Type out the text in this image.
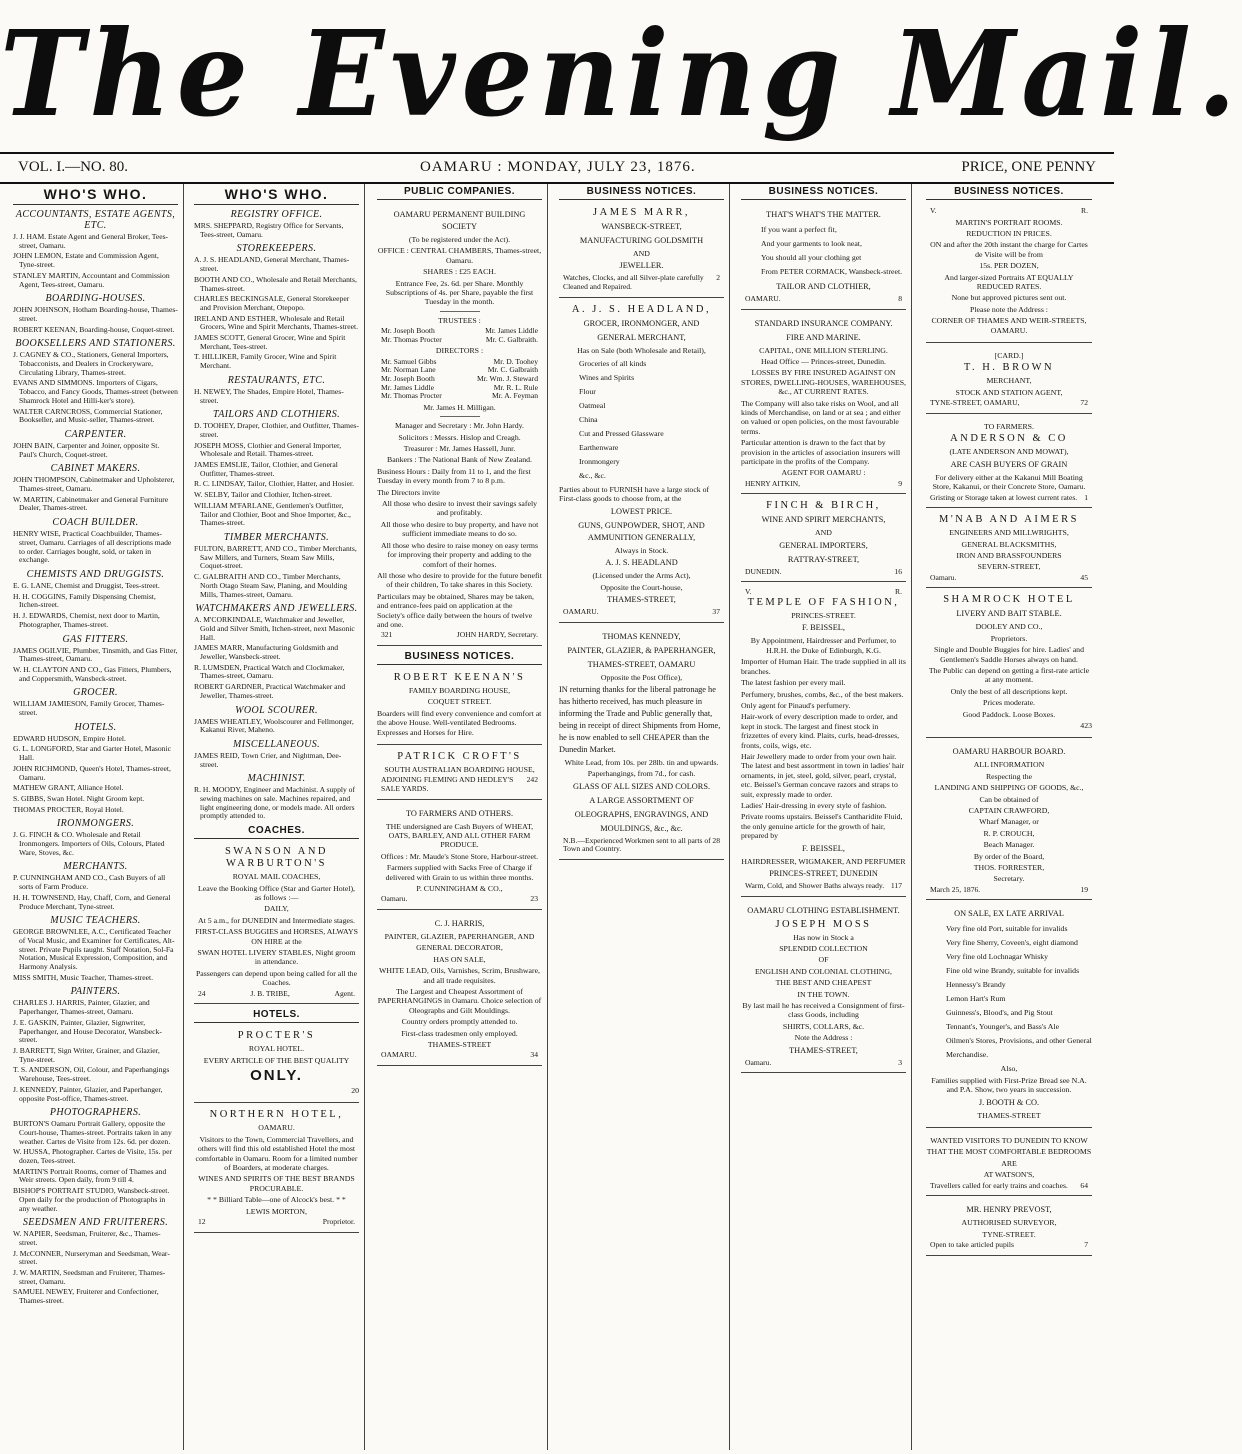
The Evening Mail.
VOL. I.—NO. 80.	OAMARU : MONDAY, JULY 23, 1876.	PRICE, ONE PENNY
WHO'S WHO.
ACCOUNTANTS, ESTATE AGENTS, ETC.
J. J. HAM. Estate Agent and General Broker, Tees-street, Oamaru.
JOHN LEMON, Estate and Commission Agent, Tyne-street.
STANLEY MARTIN, Accountant and Commission Agent, Tees-street, Oamaru.
BOARDING-HOUSES.
JOHN JOHNSON, Hotham Boarding-house, Thames-street.
ROBERT KEENAN, Boarding-house, Coquet-street.
BOOKSELLERS AND STATIONERS.
J. CAGNEY & CO., Stationers, General Importers, Tobacconists, and Dealers in Crockeryware, Circulating Library, Thames-street.
EVANS AND SIMMONS. Importers of Cigars, Tobacco, and Fancy Goods, Thames-street (between Shamrock Hotel and Hilli-ker's store).
WALTER CARNCROSS, Commercial Stationer, Bookseller, and Music-seller, Thames-street.
CARPENTER.
JOHN BAIN, Carpenter and Joiner, opposite St. Paul's Church, Coquet-street.
CABINET MAKERS.
JOHN THOMPSON, Cabinetmaker and Upholsterer, Thames-street, Oamaru.
W. MARTIN, Cabinetmaker and General Furniture Dealer, Thames-street.
COACH BUILDER.
HENRY WISE, Practical Coachbuilder, Thames-street, Oamaru. Carriages of all descriptions made to order. Carriages bought, sold, or taken in exchange.
CHEMISTS AND DRUGGISTS.
E. G. LANE, Chemist and Druggist, Tees-street.
H. H. COGGINS, Family Dispensing Chemist, Itchen-street.
H. J. EDWARDS, Chemist, next door to Martin, Photographer, Thames-street.
GAS FITTERS.
JAMES OGILVIE, Plumber, Tinsmith, and Gas Fitter, Thames-street, Oamaru.
W. H. CLAYTON AND CO., Gas Fitters, Plumbers, and Coppersmith, Wansbeck-street.
GROCER.
WILLIAM JAMIESON, Family Grocer, Thames-street.
HOTELS.
EDWARD HUDSON, Empire Hotel.
G. L. LONGFORD, Star and Garter Hotel, Masonic Hall.
JOHN RICHMOND, Queen's Hotel, Thames-street, Oamaru.
MATHEW GRANT, Alliance Hotel.
S. GIBBS, Swan Hotel. Night Groom kept.
THOMAS PROCTER, Royal Hotel.
IRONMONGERS.
J. G. FINCH & CO. Wholesale and Retail Ironmongers. Importers of Oils, Colours, Plated Ware, Stoves, &c.
MERCHANTS.
P. CUNNINGHAM AND CO., Cash Buyers of all sorts of Farm Produce.
H. H. TOWNSEND, Hay, Chaff, Corn, and General Produce Merchant, Tyne-street.
MUSIC TEACHERS.
GEORGE BROWNLEE, A.C., Certificated Teacher of Vocal Music, and Examiner for Certificates, Alt-street. Private Pupils taught. Staff Notation, Sol-Fa Notation, Musical Expression, Composition, and Harmony Analysis.
MISS SMITH, Music Teacher, Thames-street.
PAINTERS.
CHARLES J. HARRIS, Painter, Glazier, and Paperhanger, Thames-street, Oamaru.
J. E. GASKIN, Painter, Glazier, Signwriter, Paperhanger, and House Decorator, Wansbeck-street.
J. BARRETT, Sign Writer, Grainer, and Glazier, Tyne-street.
T. S. ANDERSON, Oil, Colour, and Paperhangings Warehouse, Tees-street.
J. KENNEDY, Painter, Glazier, and Paperhanger, opposite Post-office, Thames-street.
PHOTOGRAPHERS.
BURTON'S Oamaru Portrait Gallery, opposite the Court-house, Thames-street. Portraits taken in any weather. Cartes de Visite from 12s. 6d. per dozen.
W. HUSSA, Photographer. Cartes de Visite, 15s. per dozen, Tees-street.
MARTIN'S Portrait Rooms, corner of Thames and Weir streets. Open daily, from 9 till 4.
BISHOP'S PORTRAIT STUDIO, Wansbeck-street. Open daily for the production of Photographs in any weather.
SEEDSMEN AND FRUITERERS.
W. NAPIER, Seedsman, Fruiterer, &c., Thames-street.
J. McCONNER, Nurseryman and Seedsman, Wear-street.
J. W. MARTIN, Seedsman and Fruiterer, Thames-street, Oamaru.
SAMUEL NEWEY, Fruiterer and Confectioner, Thames-street.
WHO'S WHO.
REGISTRY OFFICE.
MRS. SHEPPARD, Registry Office for Servants, Tees-street, Oamaru.
STOREKEEPERS.
A. J. S. HEADLAND, General Merchant, Thames-street.
BOOTH AND CO., Wholesale and Retail Merchants, Thames-street.
CHARLES BECKINGSALE, General Storekeeper and Provision Merchant, Otepopo.
IRELAND AND ESTHER, Wholesale and Retail Grocers, Wine and Spirit Merchants, Thames-street.
JAMES SCOTT, General Grocer, Wine and Spirit Merchant, Tees-street.
T. HILLIKER, Family Grocer, Wine and Spirit Merchant.
RESTAURANTS, ETC.
H. NEWEY, The Shades, Empire Hotel, Thames-street.
TAILORS AND CLOTHIERS.
D. TOOHEY, Draper, Clothier, and Outfitter, Thames-street.
JOSEPH MOSS, Clothier and General Importer, Wholesale and Retail. Thames-street.
JAMES EMSLIE, Tailor, Clothier, and General Outfitter, Thames-street.
R. C. LINDSAY, Tailor, Clothier, Hatter, and Hosier.
W. SELBY, Tailor and Clothier, Itchen-street.
WILLIAM M'FARLANE, Gentlemen's Outfitter, Tailor and Clothier, Boot and Shoe Importer, &c., Thames-street.
TIMBER MERCHANTS.
FULTON, BARRETT, AND CO., Timber Merchants, Saw Millers, and Turners, Steam Saw Mills, Coquet-street.
C. GALBRAITH AND CO., Timber Merchants, North Otago Steam Saw, Planing, and Moulding Mills, Thames-street, Oamaru.
WATCHMAKERS AND JEWELLERS.
A. M'CORKINDALE, Watchmaker and Jeweller, Gold and Silver Smith, Itchen-street, next Masonic Hall.
JAMES MARR, Manufacturing Goldsmith and Jeweller, Wansbeck-street.
R. LUMSDEN, Practical Watch and Clockmaker, Thames-street, Oamaru.
ROBERT GARDNER, Practical Watchmaker and Jeweller, Thames-street.
WOOL SCOURER.
JAMES WHEATLEY, Woolscourer and Fellmonger, Kakanui River, Maheno.
MISCELLANEOUS.
JAMES REID, Town Crier, and Nightman, Dee-street.
MACHINIST.
R. H. MOODY, Engineer and Machinist. A supply of sewing machines on sale. Machines repaired, and light engineering done, or models made. All orders promptly attended to.
COACHES.
SWANSON AND WARBURTON'S

ROYAL MAIL COACHES,

Leave the Booking Office (Star and Garter Hotel), as follows :—

DAILY,

At 5 a.m., for DUNEDIN and Intermediate stages.

FIRST-CLASS BUGGIES and HORSES, ALWAYS ON HIRE at the

SWAN HOTEL LIVERY STABLES, Night groom in attendance.

Passengers can depend upon being called for all the Coaches.

24	J. B. TRIBE,	Agent.
HOTELS.
PROCTER'S

ROYAL HOTEL.

EVERY ARTICLE OF THE BEST QUALITY

ONLY.

20

NORTHERN HOTEL,

OAMARU.

Visitors to the Town, Commercial Travellers, and others will find this old established Hotel the most comfortable in Oamaru. Room for a limited number of Boarders, at moderate charges.

WINES AND SPIRITS OF THE BEST BRANDS PROCURABLE.

* * Billiard Table—one of Alcock's best. * *

LEWIS MORTON,

12	Proprietor.
PUBLIC COMPANIES.

OAMARU PERMANENT BUILDING SOCIETY

(To be registered under the Act).

OFFICE : CENTRAL CHAMBERS, Thames-street, Oamaru.

SHARES : £25 EACH.

Entrance Fee, 2s. 6d. per Share. Monthly Subscriptions of 4s. per Share, payable the first Tuesday in the month.

TRUSTEES :

Mr. Joseph Booth	Mr. James Liddle
Mr. Thomas Procter	Mr. C. Galbraith.

DIRECTORS :

Mr. Samuel Gibbs	Mr. D. Toohey
Mr. Norman Lane	Mr. C. Galbraith
Mr. Joseph Booth	Mr. Wm. J. Steward
Mr. James Liddle	Mr. R. L. Rule
Mr. Thomas Procter	Mr. A. Feyman

Mr. James H. Milligan.

Manager and Secretary : Mr. John Hardy.

Solicitors : Messrs. Hislop and Creagh.

Treasurer : Mr. James Hassell, Junr.

Bankers : The National Bank of New Zealand.

Business Hours : Daily from 11 to 1, and the first Tuesday in every month from 7 to 8 p.m.

The Directors invite

All those who desire to invest their savings safely and profitably.

All those who desire to buy property, and have not sufficient immediate means to do so.

All those who desire to raise money on easy terms for improving their property and adding to the comfort of their homes.

All those who desire to provide for the future benefit of their children, To take shares in this Society.

Particulars may be obtained, Shares may be taken, and entrance-fees paid on application at the Society's office daily between the hours of twelve and one.

321	JOHN HARDY, Secretary.
BUSINESS NOTICES.
ROBERT KEENAN'S

FAMILY BOARDING HOUSE,

COQUET STREET.

Boarders will find every convenience and comfort at the above House. Well-ventilated Bedrooms. Expresses and Horses for Hire.

PATRICK CROFT'S

SOUTH AUSTRALIAN BOARDING HOUSE,

ADJOINING FLEMING AND HEDLEY'S SALE YARDS.
242

TO FARMERS AND OTHERS.

THE undersigned are Cash Buyers of WHEAT, OATS, BARLEY, AND ALL OTHER FARM PRODUCE.

Offices : Mr. Maude's Stone Store, Harbour-street.

Farmers supplied with Sacks Free of Charge if delivered with Grain to us within three months.

P. CUNNINGHAM & CO.,

Oamaru.	23

C. J. HARRIS,

PAINTER, GLAZIER, PAPERHANGER, AND

GENERAL DECORATOR,

HAS ON SALE,

WHITE LEAD, Oils, Varnishes, Scrim, Brushware, and all trade requisites.

The Largest and Cheapest Assortment of PAPERHANGINGS in Oamaru. Choice selection of Oleographs and Gilt Mouldings.

Country orders promptly attended to.

First-class tradesmen only employed.

THAMES-STREET

OAMARU.	34
BUSINESS NOTICES.
JAMES MARR,

WANSBECK-STREET,

MANUFACTURING GOLDSMITH

AND

JEWELLER.

Watches, Clocks, and all Silver-plate carefully Cleaned and Repaired.
2
A. J. S. HEADLAND,

GROCER, IRONMONGER, AND

GENERAL MERCHANT,

Has on Sale (both Wholesale and Retail),

Groceries of all kinds

Wines and Spirits

Flour

Oatmeal

China

Cut and Pressed Glassware

Earthenware

Ironmongery

&c., &c.

Parties about to FURNISH have a large stock of First-class goods to choose from, at the

LOWEST PRICE.

GUNS, GUNPOWDER, SHOT, AND AMMUNITION GENERALLY,

Always in Stock.

A. J. S. HEADLAND

(Licensed under the Arms Act),

Opposite the Court-house,

THAMES-STREET,

OAMARU.	37

THOMAS KENNEDY,

PAINTER, GLAZIER, & PAPERHANGER,

THAMES-STREET, OAMARU

Opposite the Post Office),

IN returning thanks for the liberal patronage he has hitherto received, has much pleasure in informing the Trade and Public generally that, being in receipt of direct Shipments from Home, he is now enabled to sell CHEAPER than the Dunedin Market.

White Lead, from 10s. per 28lb. tin and upwards.

Paperhangings, from 7d., for cash.

GLASS OF ALL SIZES AND COLORS.

A LARGE ASSORTMENT OF

OLEOGRAPHS, ENGRAVINGS, AND

MOULDINGS, &c., &c.

N.B.—Experienced Workmen sent to all parts of Town and Country.
28
BUSINESS NOTICES.

THAT'S WHAT'S THE MATTER.

If you want a perfect fit,

And your garments to look neat,

You should all your clothing get

From PETER CORMACK, Wansbeck-street.

TAILOR AND CLOTHIER,

OAMARU.	8

STANDARD INSURANCE COMPANY.

FIRE AND MARINE.

CAPITAL, ONE MILLION STERLING.

Head Office — Princes-street, Dunedin.

LOSSES BY FIRE INSURED AGAINST ON STORES, DWELLING-HOUSES, WAREHOUSES, &c., AT CURRENT RATES.

The Company will also take risks on Wool, and all kinds of Merchandise, on land or at sea ; and either on valued or open policies, on the most favourable terms.

Particular attention is drawn to the fact that by provision in the articles of association insurers will participate in the profits of the Company.

AGENT FOR OAMARU :

HENRY AITKIN,	9
FINCH & BIRCH,

WINE AND SPIRIT MERCHANTS,

AND

GENERAL IMPORTERS,

RATTRAY-STREET,

DUNEDIN.	16
V.	R.
TEMPLE OF FASHION,

PRINCES-STREET.

F. BEISSEL,

By Appointment, Hairdresser and Perfumer, to H.R.H. the Duke of Edinburgh, K.G.

Importer of Human Hair. The trade supplied in all its branches.

The latest fashion per every mail.

Perfumery, brushes, combs, &c., of the best makers.

Only agent for Pinaud's perfumery.

Hair-work of every description made to order, and kept in stock. The largest and finest stock in frizzettes of every kind. Plaits, curls, head-dresses, fronts, coils, wigs, etc.

Hair Jewellery made to order from your own hair. The latest and best assortment in town in ladies' hair ornaments, in jet, steel, gold, silver, pearl, crystal, etc. Beissel's German concave razors and straps to suit, expressly made to order.

Ladies' Hair-dressing in every style of fashion.

Private rooms upstairs. Beissel's Cantharidite Fluid, the only genuine article for the growth of hair, prepared by

F. BEISSEL,

HAIRDRESSER, WIGMAKER, AND PERFUMER

PRINCES-STREET, DUNEDIN

Warm, Cold, and Shower Baths always ready. 117

OAMARU CLOTHING ESTABLISHMENT.

JOSEPH MOSS

Has now in Stock a

SPLENDID COLLECTION

OF

ENGLISH AND COLONIAL CLOTHING,

THE BEST AND CHEAPEST

IN THE TOWN.

By last mail he has received a Consignment of first-class Goods, including

SHIRTS, COLLARS, &c.

Note the Address :

THAMES-STREET,

Oamaru.	3
BUSINESS NOTICES.
V.	R.

MARTIN'S PORTRAIT ROOMS.

REDUCTION IN PRICES.

ON and after the 20th instant the charge for Cartes de Visite will be from

15s. PER DOZEN,

And larger-sized Portraits AT EQUALLY REDUCED RATES.

None but approved pictures sent out.

Please note the Address :

CORNER OF THAMES AND WEIR-STREETS, OAMARU.

[CARD.]

T. H. BROWN

MERCHANT,

STOCK AND STATION AGENT,

TYNE-STREET, OAMARU,	72

TO FARMERS.

ANDERSON & CO

(LATE ANDERSON AND MOWAT),

ARE CASH BUYERS OF GRAIN

For delivery either at the Kakanui Mill Boating Store, Kakanui, or their Concrete Store, Oamaru.

Gristing or Storage taken at lowest current rates. 1
M'NAB AND AIMERS

ENGINEERS AND MILLWRIGHTS,

GENERAL BLACKSMITHS,

IRON AND BRASSFOUNDERS

SEVERN-STREET,

Oamaru.	45
SHAMROCK HOTEL

LIVERY AND BAIT STABLE.

DOOLEY AND CO.,

Proprietors.

Single and Double Buggies for hire. Ladies' and Gentlemen's Saddle Horses always on hand.

The Public can depend on getting a first-rate article at any moment.

Only the best of all descriptions kept.

Prices moderate.

Good Paddock. Loose Boxes.

423

OAMARU HARBOUR BOARD.

ALL INFORMATION

Respecting the

LANDING AND SHIPPING OF GOODS, &c.,

Can be obtained of

CAPTAIN CRAWFORD,

Wharf Manager, or

R. P. CROUCH,

Beach Manager.

By order of the Board,

THOS. FORRESTER,

Secretary.

March 25, 1876.	19

ON SALE, EX LATE ARRIVAL

Very fine old Port, suitable for invalids

Very fine Sherry, Coveen's, eight diamond

Very fine old Lochnagar Whisky

Fine old wine Brandy, suitable for invalids

Hennessy's Brandy

Lemon Hart's Rum

Guinness's, Blood's, and Pig Stout

Tennant's, Younger's, and Bass's Ale

Oilmen's Stores, Provisions, and other General Merchandise.

Also,

Families supplied with First-Prize Bread see N.A. and P.A. Show, two years in succession.

J. BOOTH & CO.

THAMES-STREET

WANTED VISITORS TO DUNEDIN TO KNOW

THAT THE MOST COMFORTABLE BEDROOMS

ARE

AT WATSON'S,

Travellers called for early trains and coaches. 64

MR. HENRY PREVOST,

AUTHORISED SURVEYOR,

TYNE-STREET.

Open to take articled pupils	7
